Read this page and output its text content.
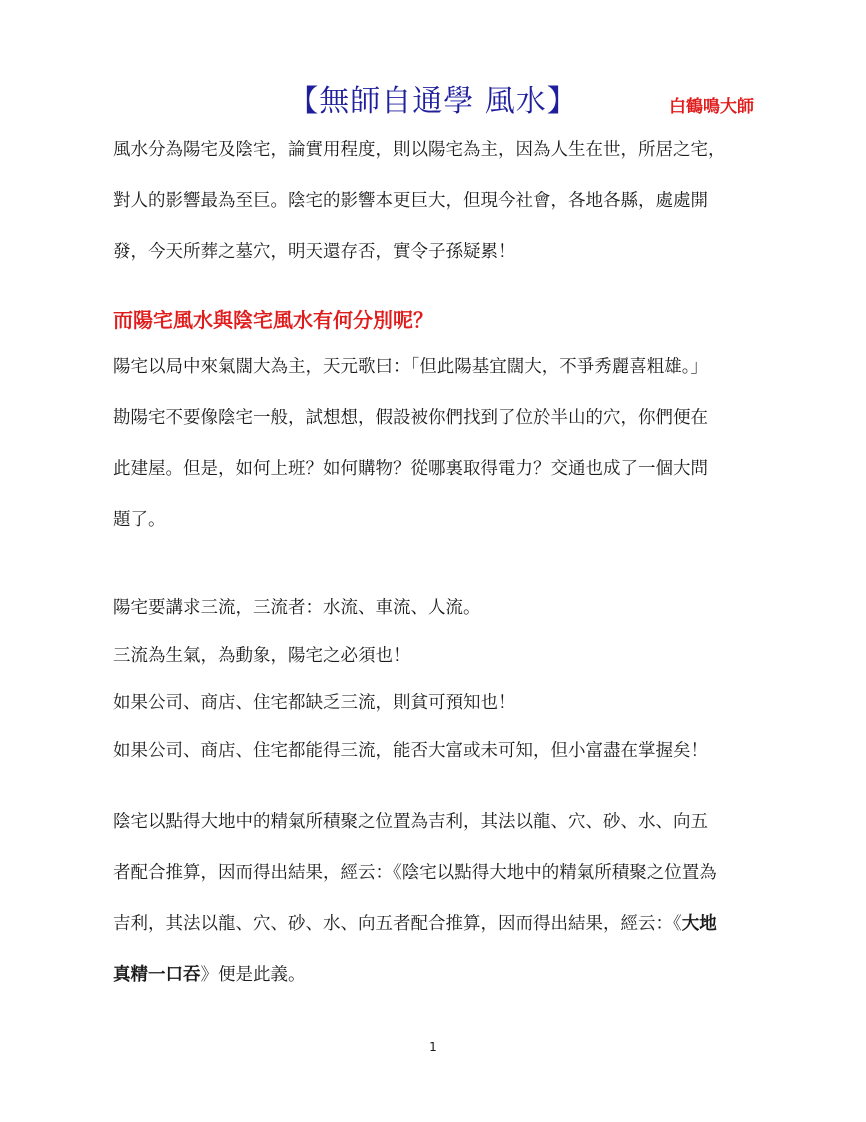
【無師自通學 風水】	白鶴鳴大師
風水分為陽宅及陰宅，論實用程度，則以陽宅為主，因為人生在世，所居之宅，
對人的影響最為至巨。陰宅的影響本更巨大，但現今社會，各地各縣，處處開
發，今天所葬之墓穴，明天還存否，實令子孫疑累！
而陽宅風水與陰宅風水有何分別呢？
陽宅以局中來氣闊大為主，天元歌曰：「但此陽基宜闊大，不爭秀麗喜粗雄。」
勘陽宅不要像陰宅一般，試想想，假設被你們找到了位於半山的穴，你們便在
此建屋。但是，如何上班？如何購物？從哪裏取得電力？交通也成了一個大問
題了。
陽宅要講求三流，三流者：水流、車流、人流。
三流為生氣，為動象，陽宅之必須也！
如果公司、商店、住宅都缺乏三流，則貧可預知也！
如果公司、商店、住宅都能得三流，能否大富或未可知，但小富盡在掌握矣！
陰宅以點得大地中的精氣所積聚之位置為吉利，其法以龍、穴、砂、水、向五
者配合推算，因而得出結果，經云：《陰宅以點得大地中的精氣所積聚之位置為
吉利，其法以龍、穴、砂、水、向五者配合推算，因而得出結果，經云：《大地
真精一口吞》便是此義。
1
